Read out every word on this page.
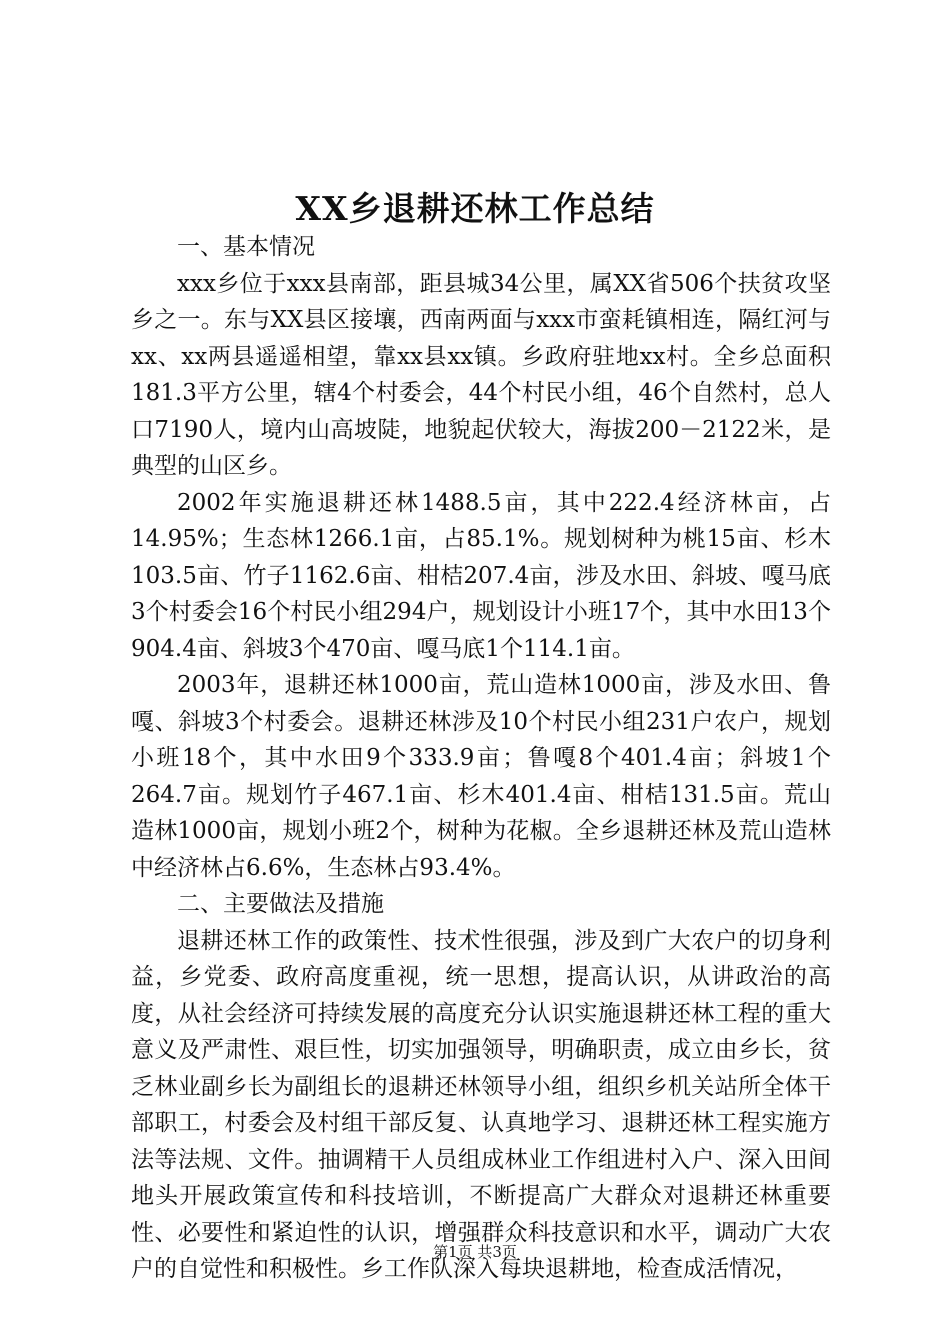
XX乡退耕还林工作总结

一、基本情况

xxx乡位于xxx县南部，距县城34公里，属XX省506个扶贫攻坚乡之一。东与XX县区接壤，西南两面与xxx市蛮耗镇相连，隔红河与xx、xx两县遥遥相望，靠xx县xx镇。乡政府驻地xx村。全乡总面积181.3平方公里，辖4个村委会，44个村民小组，46个自然村，总人口7190人，境内山高坡陡，地貌起伏较大，海拔200－2122米，是典型的山区乡。

2002年实施退耕还林1488.5亩，其中222.4经济林亩，占14.95%；生态林1266.1亩，占85.1%。规划树种为桃15亩、杉木103.5亩、竹子1162.6亩、柑桔207.4亩，涉及水田、斜坡、嘎马底3个村委会16个村民小组294户，规划设计小班17个，其中水田13个904.4亩、斜坡3个470亩、嘎马底1个114.1亩。

2003年，退耕还林1000亩，荒山造林1000亩，涉及水田、鲁嘎、斜坡3个村委会。退耕还林涉及10个村民小组231户农户，规划小班18个，其中水田9个333.9亩；鲁嘎8个401.4亩；斜坡1个264.7亩。规划竹子467.1亩、杉木401.4亩、柑桔131.5亩。荒山造林1000亩，规划小班2个，树种为花椒。全乡退耕还林及荒山造林中经济林占6.6%，生态林占93.4%。

二、主要做法及措施

退耕还林工作的政策性、技术性很强，涉及到广大农户的切身利益，乡党委、政府高度重视，统一思想，提高认识，从讲政治的高度，从社会经济可持续发展的高度充分认识实施退耕还林工程的重大意义及严肃性、艰巨性，切实加强领导，明确职责，成立由乡长，贫乏林业副乡长为副组长的退耕还林领导小组，组织乡机关站所全体干部职工，村委会及村组干部反复、认真地学习、退耕还林工程实施方法等法规、文件。抽调精干人员组成林业工作组进村入户、深入田间地头开展政策宣传和科技培训，不断提高广大群众对退耕还林重要性、必要性和紧迫性的认识，增强群众科技意识和水平，调动广大农户的自觉性和积极性。乡工作队深入每块退耕地，检查成活情况，

第1页 共3页
